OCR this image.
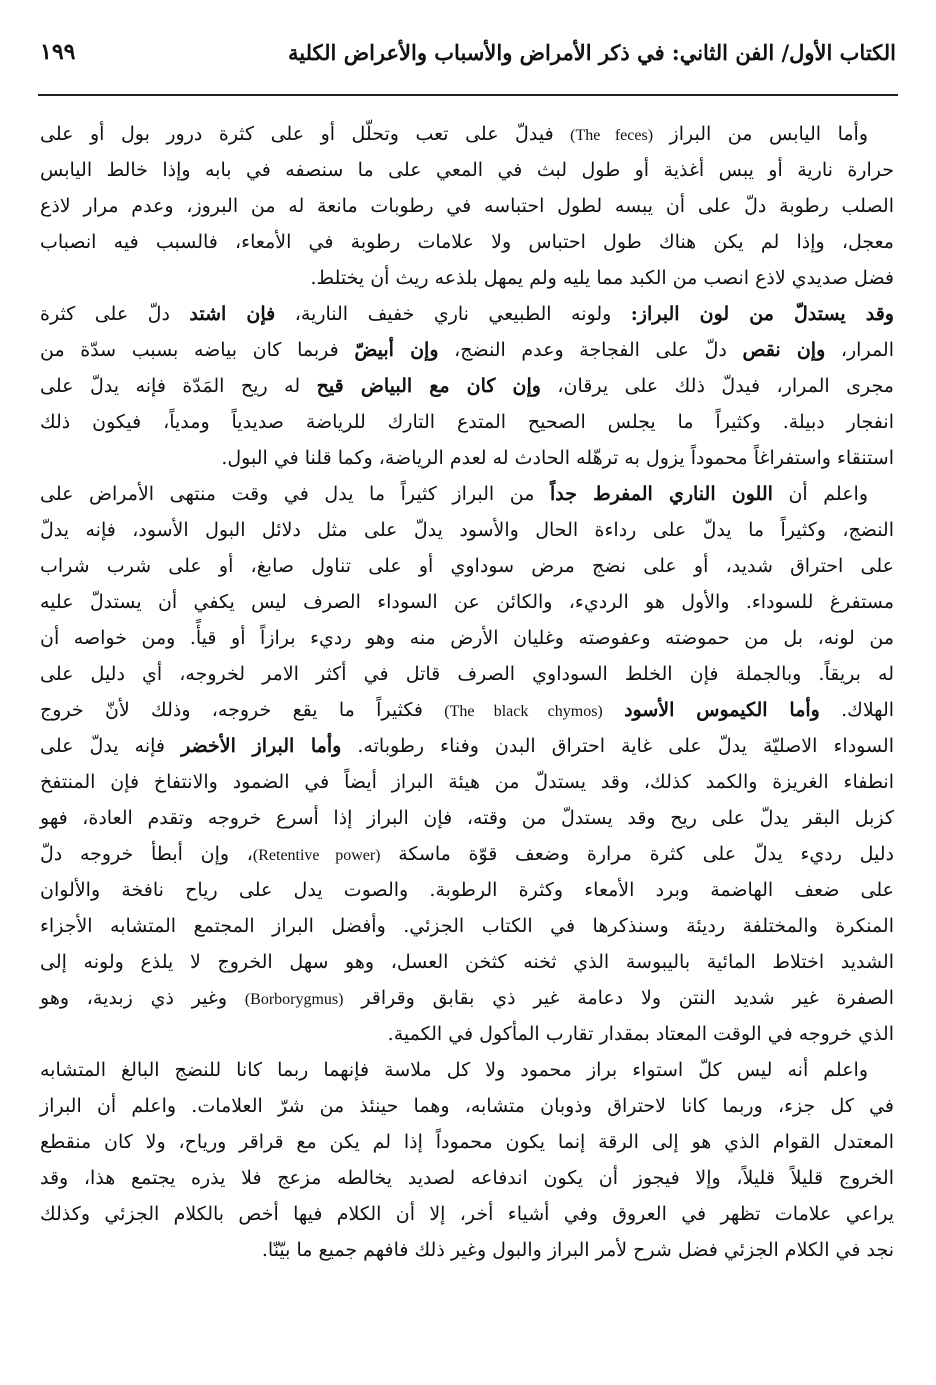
الكتاب الأول/ الفن الثاني: في ذكر الأمراض والأسباب والأعراض الكلية
١٩٩
وأما اليابس من البراز (The feces) فيدلّ على تعب وتحلّل أو على كثرة درور بول أو على
حرارة نارية أو يبس أغذية أو طول لبث في المعي على ما سنصفه في بابه وإذا خالط اليابس
الصلب رطوبة دلّ على أن يبسه لطول احتباسه في رطوبات مانعة له من البروز، وعدم مرار لاذع
معجل، وإذا لم يكن هناك طول احتباس ولا علامات رطوبة في الأمعاء، فالسبب فيه انصباب
فضل صديدي لاذع انصب من الكبد مما يليه ولم يمهل بلذعه ريث أن يختلط.
وقد يستدلّ من لون البراز: ولونه الطبيعي ناري خفيف النارية، فإن اشتد دلّ على كثرة
المرار، وإن نقص دلّ على الفجاجة وعدم النضج، وإن أبيضّ فربما كان بياضه بسبب سدّة من
مجرى المرار، فيدلّ ذلك على يرقان، وإن كان مع البياض قيح له ريح المَدّة فإنه يدلّ على
انفجار دبيلة. وكثيراً ما يجلس الصحيح المتدع التارك للرياضة صديدياً ومدياً، فيكون ذلك
استنقاء واستفراغاً محموداً يزول به ترهّله الحادث له لعدم الرياضة، وكما قلنا في البول.
واعلم أن اللون الناري المفرط جداً من البراز كثيراً ما يدل في وقت منتهى الأمراض على
النضج، وكثيراً ما يدلّ على رداءة الحال والأسود يدلّ على مثل دلائل البول الأسود، فإنه يدلّ
على احتراق شديد، أو على نضج مرض سوداوي أو على تناول صابغ، أو على شرب شراب
مستفرغ للسوداء. والأول هو الرديء، والكائن عن السوداء الصرف ليس يكفي أن يستدلّ عليه
من لونه، بل من حموضته وعفوصته وغليان الأرض منه وهو رديء برازاً أو قيأً. ومن خواصه أن
له بريقاً. وبالجملة فإن الخلط السوداوي الصرف قاتل في أكثر الامر لخروجه، أي دليل على
الهلاك. وأما الكيموس الأسود (The black chymos) فكثيراً ما يقع خروجه، وذلك لأنّ خروج
السوداء الاصليّة يدلّ على غاية احتراق البدن وفناء رطوباته. وأما البراز الأخضر فإنه يدلّ على
انطفاء الغريزة والكمد كذلك، وقد يستدلّ من هيئة البراز أيضاً في الضمود والانتفاخ فإن المنتفخ
كزبل البقر يدلّ على ريح وقد يستدلّ من وقته، فإن البراز إذا أسرع خروجه وتقدم العادة، فهو
دليل رديء يدلّ على كثرة مرارة وضعف قوّة ماسكة (Retentive power)، وإن أبطأ خروجه دلّ
على ضعف الهاضمة وبرد الأمعاء وكثرة الرطوبة. والصوت يدل على رياح نافخة والألوان
المنكرة والمختلفة رديئة وسنذكرها في الكتاب الجزئي. وأفضل البراز المجتمع المتشابه الأجزاء
الشديد اختلاط المائية باليبوسة الذي ثخنه كثخن العسل، وهو سهل الخروج لا يلذع ولونه إلى
الصفرة غير شديد النتن ولا دعامة غير ذي بقابق وقراقر (Borborygmus) وغير ذي زبدية، وهو
الذي خروجه في الوقت المعتاد بمقدار تقارب المأكول في الكمية.
واعلم أنه ليس كلّ استواء براز محمود ولا كل ملاسة فإنهما ربما كانا للنضج البالغ المتشابه
في كل جزء، وربما كانا لاحتراق وذوبان متشابه، وهما حينئذ من شرّ العلامات. واعلم أن البراز
المعتدل القوام الذي هو إلى الرقة إنما يكون محموداً إذا لم يكن مع قراقر ورياح، ولا كان منقطع
الخروج قليلاً قليلاً، وإلا فيجوز أن يكون اندفاعه لصديد يخالطه مزعج فلا يذره يجتمع هذا، وقد
يراعي علامات تظهر في العروق وفي أشياء أخر، إلا أن الكلام فيها أخص بالكلام الجزئي وكذلك
نجد في الكلام الجزئي فضل شرح لأمر البراز والبول وغير ذلك فافهم جميع ما بيّنّا.
